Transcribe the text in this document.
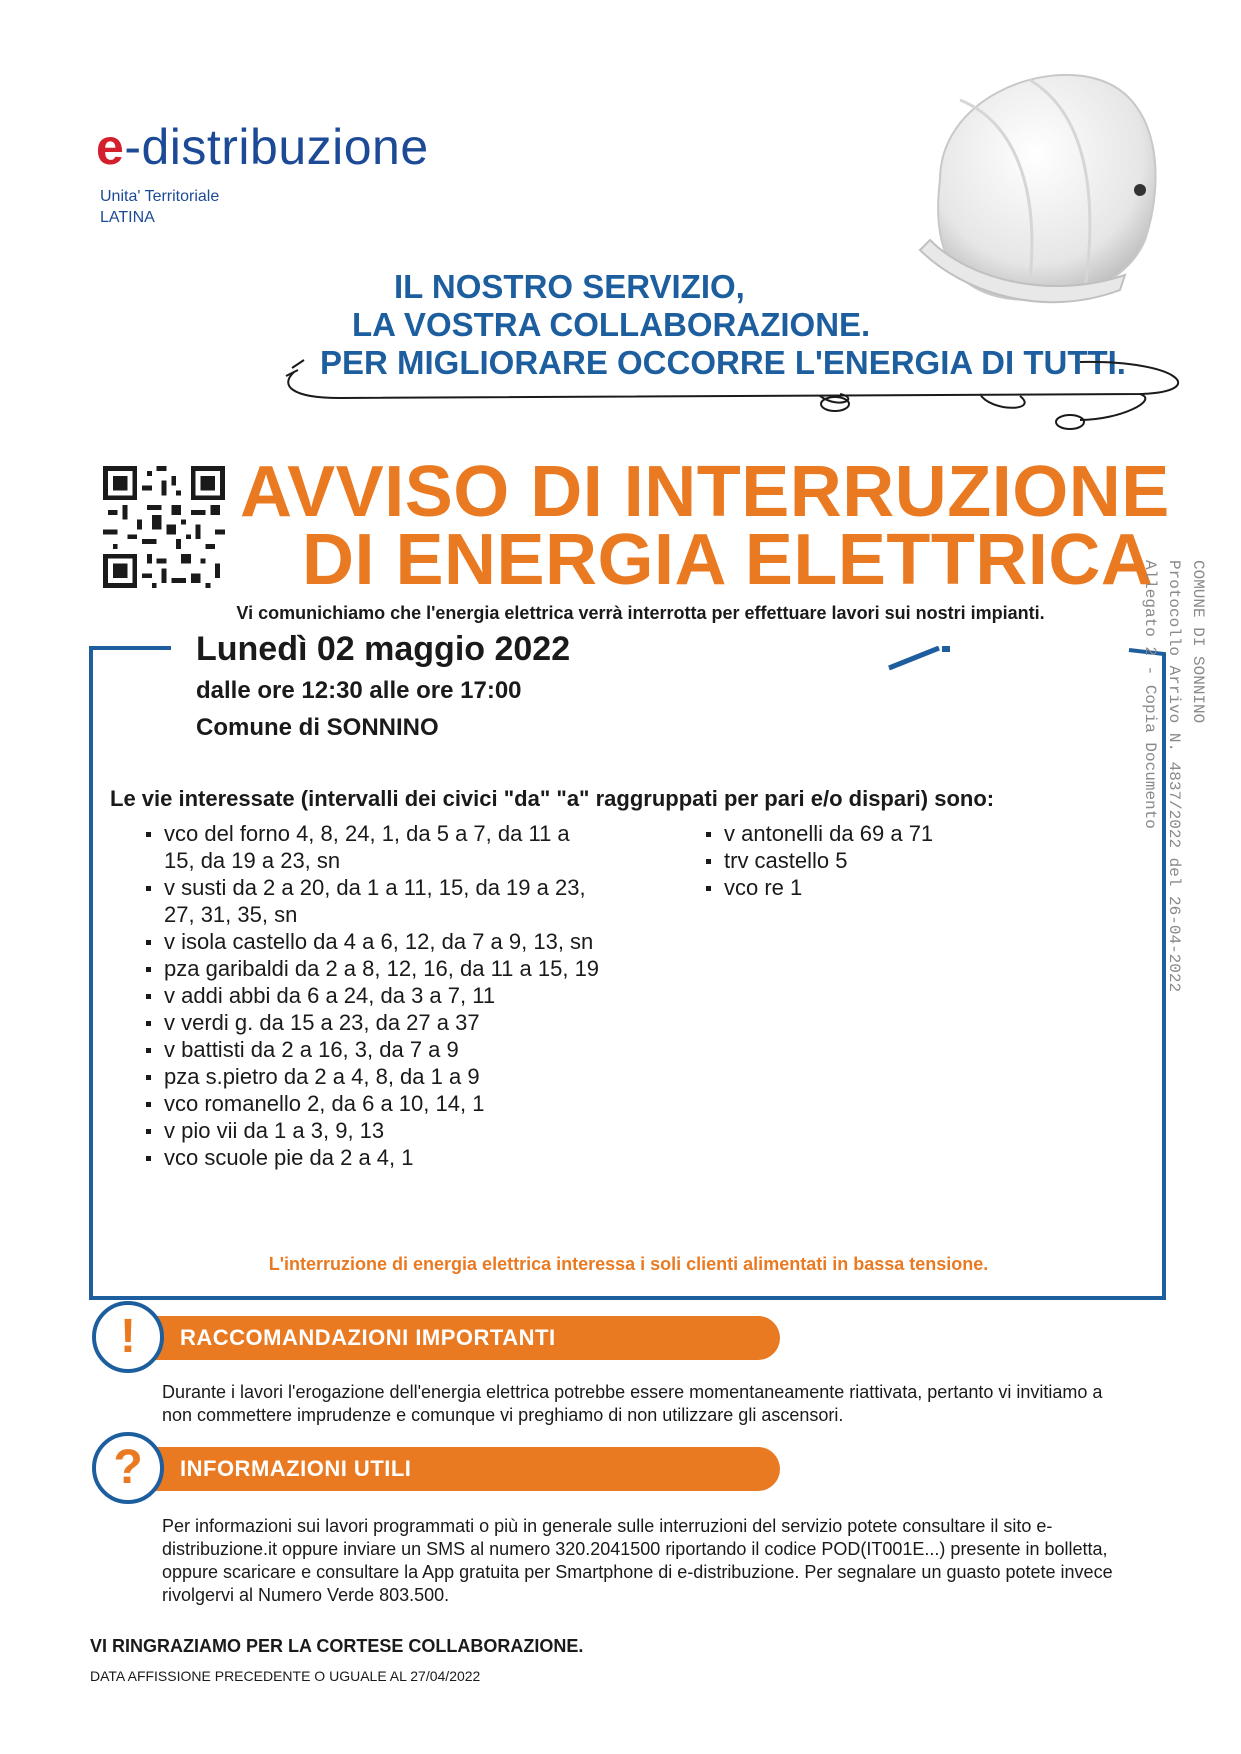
e-distribuzione
Unita' Territoriale
LATINA
IL NOSTRO SERVIZIO,
LA VOSTRA COLLABORAZIONE.
PER MIGLIORARE OCCORRE L'ENERGIA DI TUTTI.
AVVISO DI INTERRUZIONE
DI ENERGIA ELETTRICA
Vi comunichiamo che l'energia elettrica verrà interrotta per effettuare lavori sui nostri impianti.
Lunedì 02 maggio 2022
dalle ore 12:30 alle ore 17:00
Comune di SONNINO
Le vie interessate (intervalli dei civici "da" "a" raggruppati per pari e/o dispari) sono:
vco del forno 4, 8, 24, 1, da 5 a 7, da 11 a 15, da 19 a 23, sn
v susti da 2 a 20, da 1 a 11, 15, da 19 a 23, 27, 31, 35, sn
v isola castello da 4 a 6, 12, da 7 a 9, 13, sn
pza garibaldi da 2 a 8, 12, 16, da 11 a 15, 19
v addi abbi da 6 a 24, da 3 a 7, 11
v verdi g. da 15 a 23, da 27 a 37
v battisti da 2 a 16, 3, da 7 a 9
pza s.pietro da 2 a 4, 8, da 1 a 9
vco romanello 2, da 6 a 10, 14, 1
v pio vii da 1 a 3, 9, 13
vco scuole pie da 2 a 4, 1
v antonelli da 69 a 71
trv castello 5
vco re 1
L'interruzione di energia elettrica interessa i soli clienti alimentati in bassa tensione.
!	RACCOMANDAZIONI IMPORTANTI
Durante i lavori l'erogazione dell'energia elettrica potrebbe essere momentaneamente riattivata, pertanto vi invitiamo a non commettere imprudenze e comunque vi preghiamo di non utilizzare gli ascensori.
?	INFORMAZIONI UTILI
Per informazioni sui lavori programmati o più in generale sulle interruzioni del servizio potete consultare il sito e-distribuzione.it oppure inviare un SMS al numero 320.2041500 riportando il codice POD(IT001E...) presente in bolletta, oppure scaricare e consultare la App gratuita per Smartphone di e-distribuzione. Per segnalare un guasto potete invece rivolgervi al Numero Verde 803.500.
VI RINGRAZIAMO PER LA CORTESE COLLABORAZIONE.
DATA AFFISSIONE PRECEDENTE O UGUALE AL 27/04/2022
COMUNE DI SONNINO
Protocollo Arrivo N. 4837/2022 del 26-04-2022
Allegato 2 - Copia Documento
